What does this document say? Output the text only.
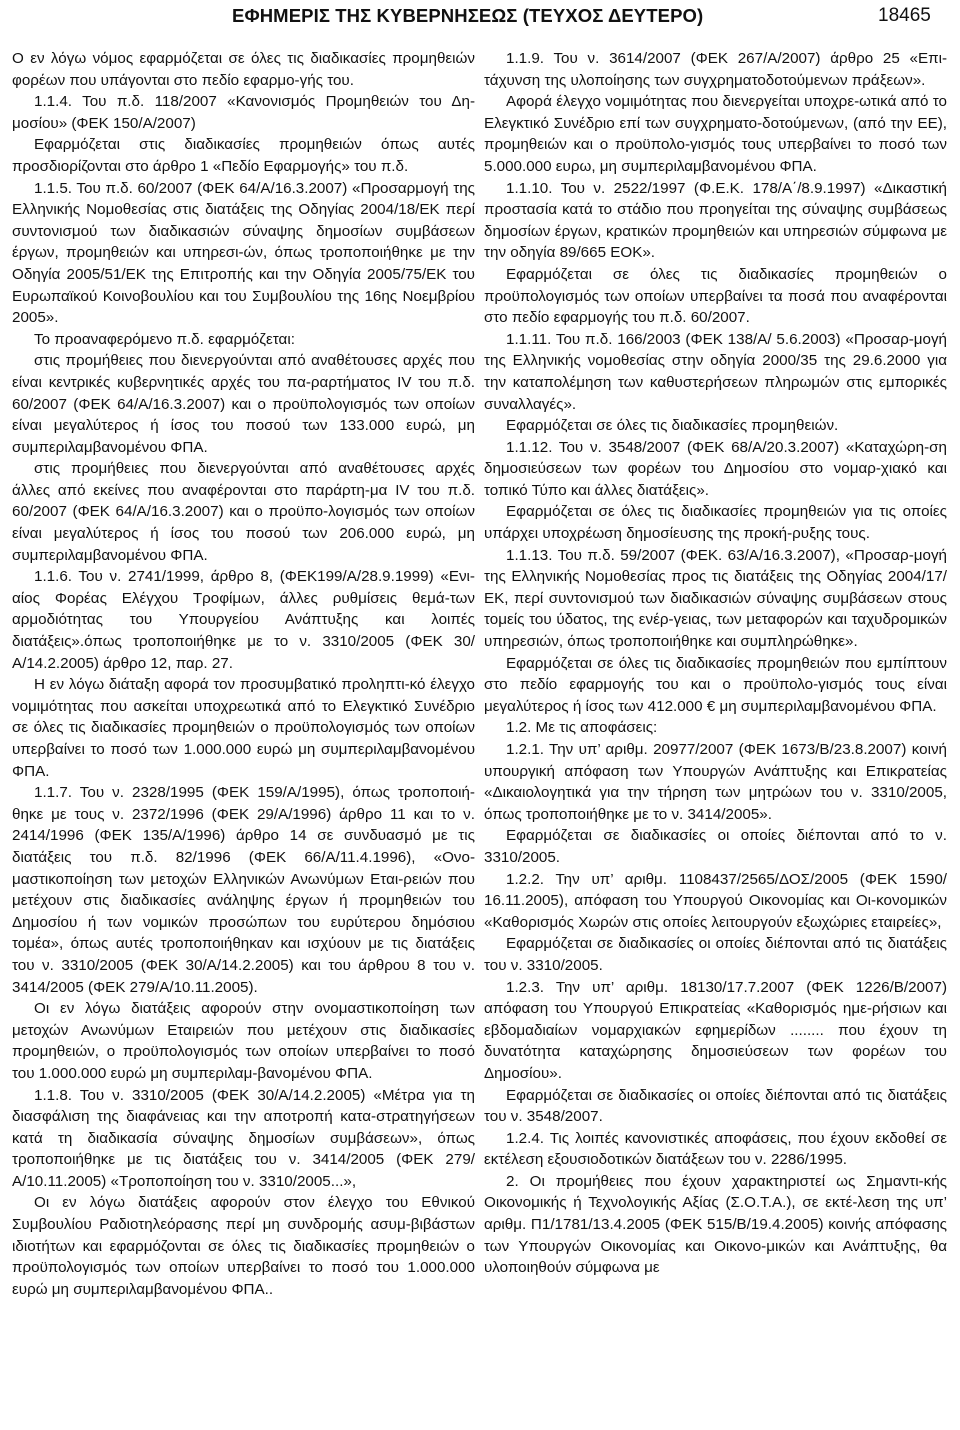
ΕΦΗΜΕΡΙΣ ΤΗΣ ΚΥΒΕΡΝΗΣΕΩΣ (ΤΕΥΧΟΣ ΔΕΥΤΕΡΟ)	18465

Ο εν λόγω νόμος εφαρμόζεται σε όλες τις διαδικασίες προμηθειών φορέων που υπάγονται στο πεδίο εφαρμο-γής του.

1.1.4. Του π.δ. 118/2007 «Κανονισμός Προμηθειών του Δη-μοσίου» (ΦΕΚ 150/Α/2007)

Εφαρμόζεται στις διαδικασίες προμηθειών όπως αυτές προσδιορίζονται στο άρθρο 1 «Πεδίο Εφαρμογής» του π.δ.

1.1.5. Του π.δ. 60/2007 (ΦΕΚ 64/Α/16.3.2007) «Προσαρμογή της Ελληνικής Νομοθεσίας στις διατάξεις της Οδηγίας 2004/18/ΕΚ περί συντονισμού των διαδικασιών σύναψης δημοσίων συμβάσεων έργων, προμηθειών και υπηρεσι-ών, όπως τροποποιήθηκε με την Οδηγία 2005/51/ΕΚ της Επιτροπής και την Οδηγία 2005/75/ΕΚ του Ευρωπαϊκού Κοινοβουλίου και του Συμβουλίου της 16ης Νοεμβρίου 2005».

Το προαναφερόμενο π.δ. εφαρμόζεται:

στις προμήθειες που διενεργούνται από αναθέτουσες αρχές που είναι κεντρικές κυβερνητικές αρχές του πα-ραρτήματος IV του π.δ. 60/2007 (ΦΕΚ 64/Α/16.3.2007) και ο προϋπολογισμός των οποίων είναι μεγαλύτερος ή ίσος του ποσού των 133.000 ευρώ, μη συμπεριλαμβανομένου ΦΠΑ.

στις προμήθειες που διενεργούνται από αναθέτουσες αρχές άλλες από εκείνες που αναφέρονται στο παράρτη-μα IV του π.δ. 60/2007 (ΦΕΚ 64/Α/16.3.2007) και ο προϋπο-λογισμός των οποίων είναι μεγαλύτερος ή ίσος του ποσού των 206.000 ευρώ, μη συμπεριλαμβανομένου ΦΠΑ.

1.1.6. Του ν. 2741/1999, άρθρο 8, (ΦΕΚ199/Α/28.9.1999) «Ενι-αίος Φορέας Ελέγχου Τροφίμων, άλλες ρυθμίσεις θεμά-των αρμοδιότητας του Υπουργείου Ανάπτυξης και λοιπές διατάξεις».όπως τροποποιήθηκε με το ν. 3310/2005 (ΦΕΚ 30/Α/14.2.2005) άρθρο 12, παρ. 27.

Η εν λόγω διάταξη αφορά τον προσυμβατικό προληπτι-κό έλεγχο νομιμότητας που ασκείται υποχρεωτικά από το Ελεγκτικό Συνέδριο σε όλες τις διαδικασίες προμηθειών ο προϋπολογισμός των οποίων υπερβαίνει το ποσό των 1.000.000 ευρώ μη συμπεριλαμβανομένου ΦΠΑ.

1.1.7. Του ν. 2328/1995 (ΦΕΚ 159/Α/1995), όπως τροποποιή-θηκε με τους ν. 2372/1996 (ΦΕΚ 29/Α/1996) άρθρο 11 και το ν. 2414/1996 (ΦΕΚ 135/Α/1996) άρθρο 14 σε συνδυασμό με τις διατάξεις του π.δ. 82/1996 (ΦΕΚ 66/Α/11.4.1996), «Ονο-μαστικοποίηση των μετοχών Ελληνικών Ανωνύμων Εται-ρειών που μετέχουν στις διαδικασίες ανάληψης έργων ή προμηθειών του Δημοσίου ή των νομικών προσώπων του ευρύτερου δημόσιου τομέα», όπως αυτές τροποποιήθηκαν και ισχύουν με τις διατάξεις του ν. 3310/2005 (ΦΕΚ 30/Α/14.2.2005) και του άρθρου 8 του ν. 3414/2005 (ΦΕΚ 279/Α/10.11.2005).

Οι εν λόγω διατάξεις αφορούν στην ονομαστικοποίηση των μετοχών Ανωνύμων Εταιρειών που μετέχουν στις διαδικασίες προμηθειών, ο προϋπολογισμός των οποίων υπερβαίνει το ποσό του 1.000.000 ευρώ μη συμπεριλαμ-βανομένου ΦΠΑ.

1.1.8. Του ν. 3310/2005 (ΦΕΚ 30/Α/14.2.2005) «Μέτρα για τη διασφάλιση της διαφάνειας και την αποτροπή κατα-στρατηγήσεων κατά τη διαδικασία σύναψης δημοσίων συμβάσεων», όπως τροποποιήθηκε με τις διατάξεις του ν. 3414/2005 (ΦΕΚ 279/Α/10.11.2005) «Τροποποίηση του ν. 3310/2005...»,

Οι εν λόγω διατάξεις αφορούν στον έλεγχο του Εθνικού Συμβουλίου Ραδιοτηλεόρασης περί μη συνδρομής ασυμ-βιβάστων ιδιοτήτων και εφαρμόζονται σε όλες τις διαδικασίες προμηθειών ο προϋπολογισμός των οποίων υπερβαίνει το ποσό του 1.000.000 ευρώ μη συμπεριλαμβανομένου ΦΠΑ..

1.1.9. Του ν. 3614/2007 (ΦΕΚ 267/Α/2007) άρθρο 25 «Επι-τάχυνση της υλοποίησης των συγχρηματοδοτούμενων πράξεων».

Αφορά έλεγχο νομιμότητας που διενεργείται υποχρε-ωτικά από το Ελεγκτικό Συνέδριο επί των συγχρηματο-δοτούμενων, (από την ΕΕ), προμηθειών και ο προϋπολο-γισμός τους υπερβαίνει το ποσό των 5.000.000 ευρω, μη συμπεριλαμβανομένου ΦΠΑ.

1.1.10. Του ν. 2522/1997 (Φ.Ε.Κ. 178/Α΄/8.9.1997) «Δικαστική προστασία κατά το στάδιο που προηγείται της σύναψης συμβάσεως δημοσίων έργων, κρατικών προμηθειών και υπηρεσιών σύμφωνα με την οδηγία 89/665 ΕΟΚ».

Εφαρμόζεται σε όλες τις διαδικασίες προμηθειών ο προϋπολογισμός των οποίων υπερβαίνει τα ποσά που αναφέρονται στο πεδίο εφαρμογής του π.δ. 60/2007.

1.1.11. Του π.δ. 166/2003 (ΦΕΚ 138/Α/ 5.6.2003) «Προσαρ-μογή της Ελληνικής νομοθεσίας στην οδηγία 2000/35 της 29.6.2000 για την καταπολέμηση των καθυστερήσεων πληρωμών στις εμπορικές συναλλαγές».

Εφαρμόζεται σε όλες τις διαδικασίες προμηθειών.

1.1.12. Του ν. 3548/2007 (ΦΕΚ 68/Α/20.3.2007) «Καταχώρη-ση δημοσιεύσεων των φορέων του Δημοσίου στο νομαρ-χιακό και τοπικό Τύπο και άλλες διατάξεις».

Εφαρμόζεται σε όλες τις διαδικασίες προμηθειών για τις οποίες υπάρχει υποχρέωση δημοσίευσης της προκή-ρυξης τους.

1.1.13. Του π.δ. 59/2007 (ΦΕΚ. 63/Α/16.3.2007), «Προσαρ-μογή της Ελληνικής Νομοθεσίας προς τις διατάξεις της Οδηγίας 2004/17/ΕΚ, περί συντονισμού των διαδικασιών σύναψης συμβάσεων στους τομείς του ύδατος, της ενέρ-γειας, των μεταφορών και ταχυδρομικών υπηρεσιών, όπως τροποποιήθηκε και συμπληρώθηκε».

Εφαρμόζεται σε όλες τις διαδικασίες προμηθειών που εμπίπτουν στο πεδίο εφαρμογής του και ο προϋπολο-γισμός τους είναι μεγαλύτερος ή ίσος των 412.000 € μη συμπεριλαμβανομένου ΦΠΑ.

1.2. Με τις αποφάσεις:

1.2.1. Την υπ’ αριθμ. 20977/2007 (ΦΕΚ 1673/Β/23.8.2007) κοινή υπουργική απόφαση των Υπουργών Ανάπτυξης και Επικρατείας «Δικαιολογητικά για την τήρηση των μητρώων του ν. 3310/2005, όπως τροποποιήθηκε με το ν. 3414/2005».

Εφαρμόζεται σε διαδικασίες οι οποίες διέπονται από το ν. 3310/2005.

1.2.2. Την υπ’ αριθμ. 1108437/2565/ΔΟΣ/2005 (ΦΕΚ 1590/ 16.11.2005), απόφαση του Υπουργού Οικονομίας και Οι-κονομικών «Καθορισμός Χωρών στις οποίες λειτουργούν εξωχώριες εταιρείες»,

Εφαρμόζεται σε διαδικασίες οι οποίες διέπονται από τις διατάξεις του ν. 3310/2005.

1.2.3. Την υπ’ αριθμ. 18130/17.7.2007 (ΦΕΚ 1226/Β/2007) απόφαση του Υπουργού Επικρατείας «Καθορισμός ημε-ρήσιων και εβδομαδιαίων νομαρχιακών εφημερίδων ........ που έχουν τη δυνατότητα καταχώρησης δημοσιεύσεων των φορέων του Δημοσίου».

Εφαρμόζεται σε διαδικασίες οι οποίες διέπονται από τις διατάξεις του ν. 3548/2007.

1.2.4. Τις λοιπές κανονιστικές αποφάσεις, που έχουν εκδοθεί σε εκτέλεση εξουσιοδοτικών διατάξεων του ν. 2286/1995.

2. Οι προμήθειες που έχουν χαρακτηριστεί ως Σημαντι-κής Οικονομικής ή Τεχνολογικής Αξίας (Σ.Ο.Τ.Α.), σε εκτέ-λεση της υπ’ αριθμ. Π1/1781/13.4.2005 (ΦΕΚ 515/Β/19.4.2005) κοινής απόφασης των Υπουργών Οικονομίας και Οικονο-μικών και Ανάπτυξης, θα υλοποιηθούν σύμφωνα με
